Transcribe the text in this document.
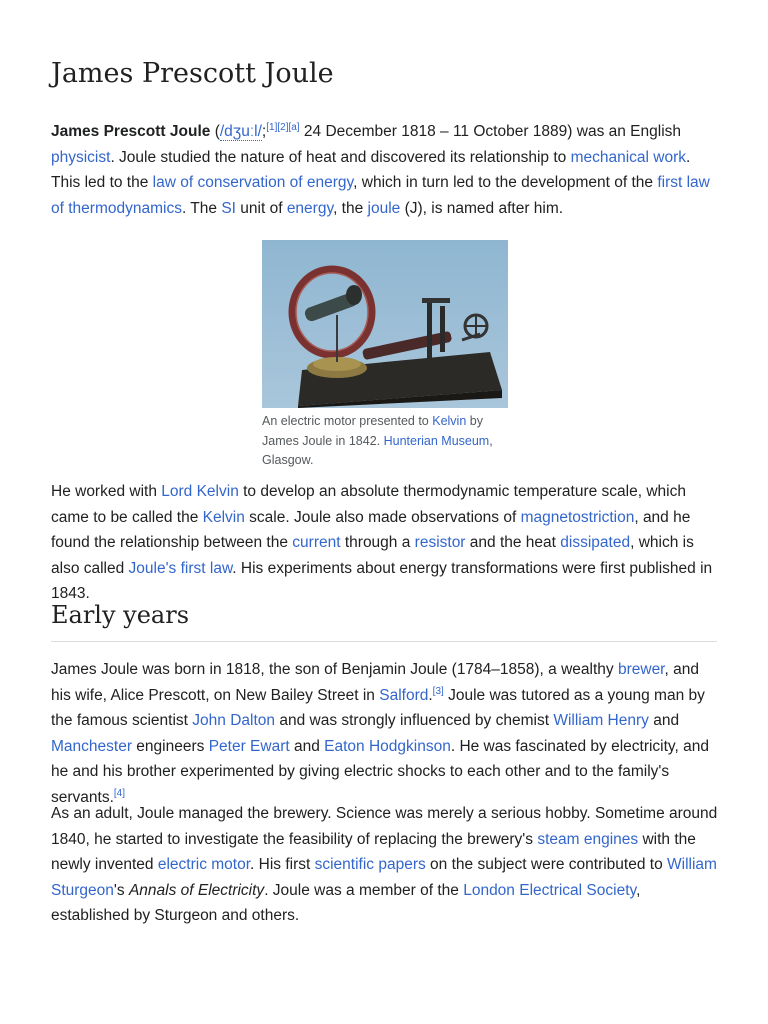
James Prescott Joule

James Prescott Joule (/dʒuːl/;[1][2][a] 24 December 1818 – 11 October 1889) was an English physicist. Joule studied the nature of heat and discovered its relationship to mechanical work. This led to the law of conservation of energy, which in turn led to the development of the first law of thermodynamics. The SI unit of energy, the joule (J), is named after him.

An electric motor presented to Kelvin by James Joule in 1842. Hunterian Museum, Glasgow.

He worked with Lord Kelvin to develop an absolute thermodynamic temperature scale, which came to be called the Kelvin scale. Joule also made observations of magnetostriction, and he found the relationship between the current through a resistor and the heat dissipated, which is also called Joule's first law. His experiments about energy transformations were first published in 1843.

Early years

James Joule was born in 1818, the son of Benjamin Joule (1784–1858), a wealthy brewer, and his wife, Alice Prescott, on New Bailey Street in Salford.[3] Joule was tutored as a young man by the famous scientist John Dalton and was strongly influenced by chemist William Henry and Manchester engineers Peter Ewart and Eaton Hodgkinson. He was fascinated by electricity, and he and his brother experimented by giving electric shocks to each other and to the family's servants.[4]

As an adult, Joule managed the brewery. Science was merely a serious hobby. Sometime around 1840, he started to investigate the feasibility of replacing the brewery's steam engines with the newly invented electric motor. His first scientific papers on the subject were contributed to William Sturgeon's Annals of Electricity. Joule was a member of the London Electrical Society, established by Sturgeon and others.
